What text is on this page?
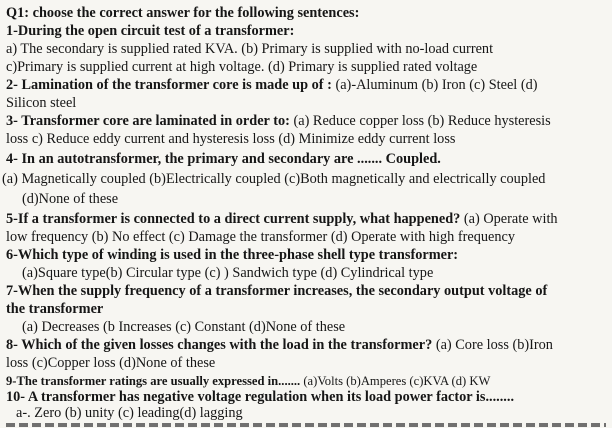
Q1: choose the correct answer for the following sentences:
1-During the open circuit test of a transformer:
a) The secondary is supplied rated KVA. (b) Primary is supplied with no-load current
c)Primary is supplied current at high voltage. (d) Primary is supplied rated voltage
2- Lamination of the transformer core is made up of : (a)-Aluminum (b) Iron (c) Steel (d)
Silicon steel
3- Transformer core are laminated in order to: (a) Reduce copper loss (b) Reduce hysteresis
loss c) Reduce eddy current and hysteresis loss (d) Minimize eddy current loss
4- In an autotransformer, the primary and secondary are ....... Coupled.
(a) Magnetically coupled (b)Electrically coupled (c)Both magnetically and electrically coupled
(d)None of these
5-If a transformer is connected to a direct current supply, what happened? (a) Operate with
low frequency (b) No effect (c) Damage the transformer (d) Operate with high frequency
6-Which type of winding is used in the three-phase shell type transformer:
(a)Square type(b) Circular type (c) ) Sandwich type (d) Cylindrical type
7-When the supply frequency of a transformer increases, the secondary output voltage of
the transformer
(a) Decreases (b Increases (c) Constant (d)None of these
8- Which of the given losses changes with the load in the transformer? (a) Core loss (b)Iron
loss (c)Copper loss (d)None of these
9-The transformer ratings are usually expressed in....... (a)Volts (b)Amperes (c)KVA (d) KW
10- A transformer has negative voltage regulation when its load power factor is........
a-. Zero (b) unity (c) leading(d) lagging
